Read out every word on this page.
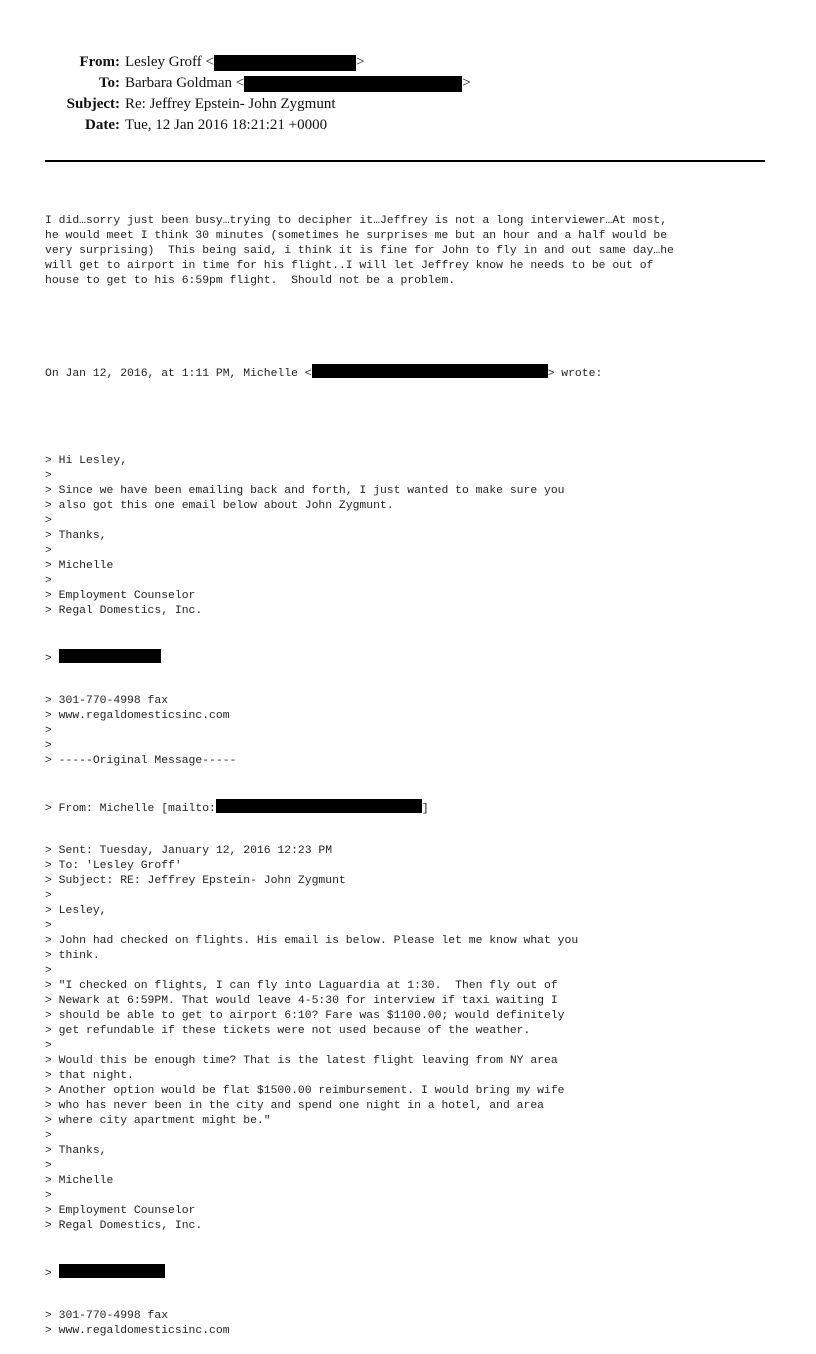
From: Lesley Groff <	>
To: Barbara Goldman <	>
Subject: Re: Jeffrey Epstein- John Zygmunt
Date: Tue, 12 Jan 2016 18:21:21 +0000

I did…sorry just been busy…trying to decipher it…Jeffrey is not a long interviewer…At most,
he would meet I think 30 minutes (sometimes he surprises me but an hour and a half would be
very surprising)  This being said, i think it is fine for John to fly in and out same day…he
will get to airport in time for his flight..I will let Jeffrey know he needs to be out of
house to get to his 6:59pm flight.  Should not be a problem.

On Jan 12, 2016, at 1:11 PM, Michelle <	> wrote:

> Hi Lesley,
>
> Since we have been emailing back and forth, I just wanted to make sure you
> also got this one email below about John Zygmunt.
>
> Thanks,
>
> Michelle
>
> Employment Counselor
> Regal Domestics, Inc.

>

> 301-770-4998 fax
> www.regaldomesticsinc.com
>
>
> -----Original Message-----

> From: Michelle [mailto:	]

> Sent: Tuesday, January 12, 2016 12:23 PM
> To: 'Lesley Groff'
> Subject: RE: Jeffrey Epstein- John Zygmunt
>
> Lesley,
>
> John had checked on flights. His email is below. Please let me know what you
> think.
>
> "I checked on flights, I can fly into Laguardia at 1:30.  Then fly out of
> Newark at 6:59PM. That would leave 4-5:30 for interview if taxi waiting I
> should be able to get to airport 6:10? Fare was $1100.00; would definitely
> get refundable if these tickets were not used because of the weather.
>
> Would this be enough time? That is the latest flight leaving from NY area
> that night.
> Another option would be flat $1500.00 reimbursement. I would bring my wife
> who has never been in the city and spend one night in a hotel, and area
> where city apartment might be."
>
> Thanks,
>
> Michelle
>
> Employment Counselor
> Regal Domestics, Inc.

>

> 301-770-4998 fax
> www.regaldomesticsinc.com
